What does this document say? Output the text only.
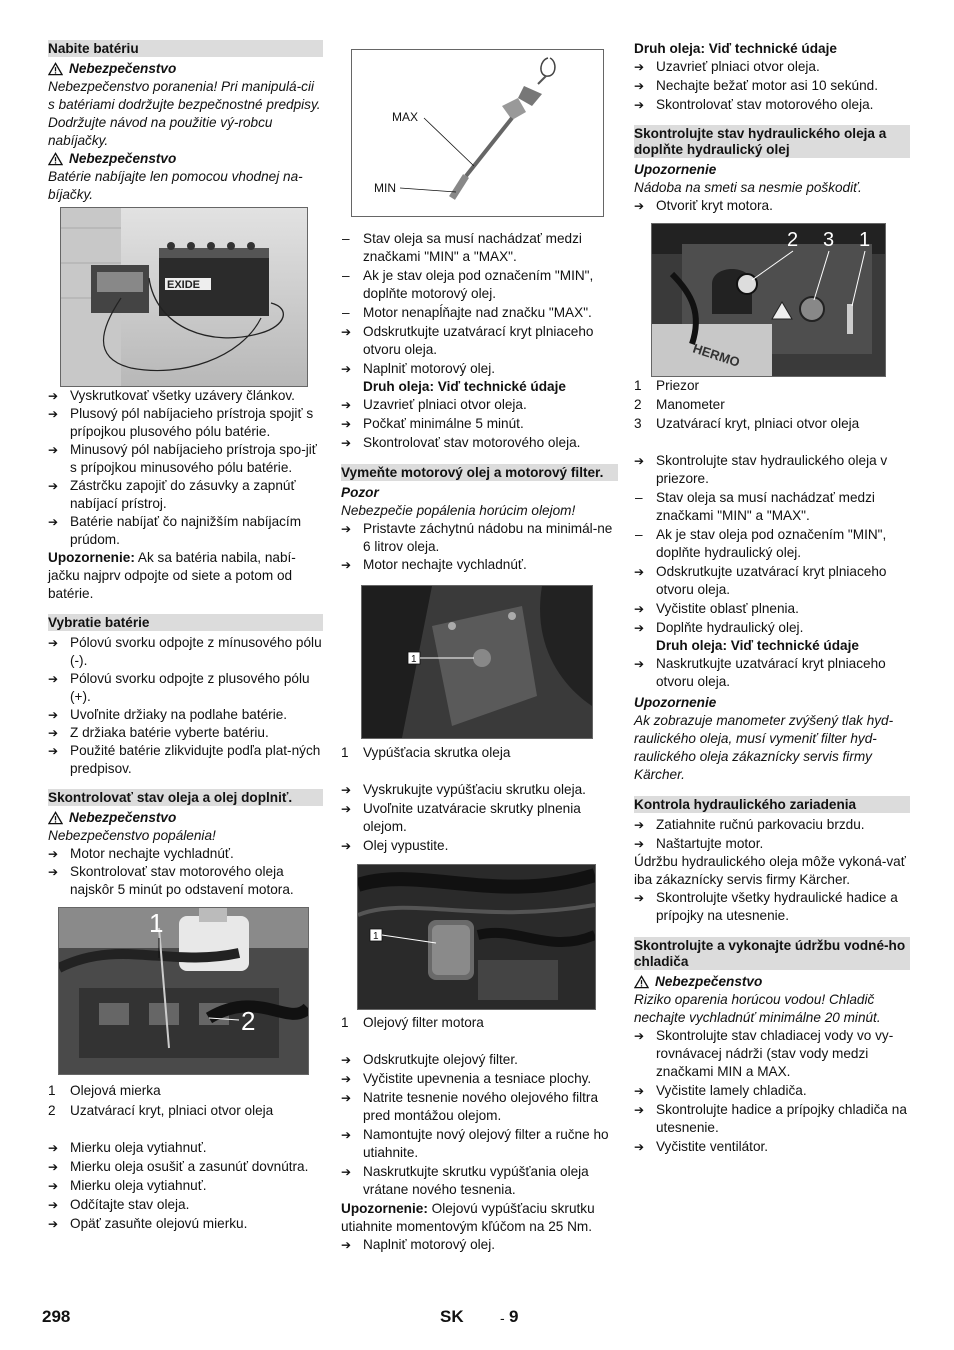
Nabite batériu
Nebezpečenstvo
Nebezpečenstvo poranenia! Pri manipulá-cii s batériami dodržujte bezpečnostné predpisy. Dodržujte návod na použitie vý-robcu nabíjačky.
Nebezpečenstvo
Batérie nabíjajte len pomocou vhodnej na-bíjačky.
EXIDE
➔ Vyskrutkovať všetky uzávery článkov.
➔ Plusový pól nabíjacieho prístroja spojiť s prípojkou plusového pólu batérie.
➔ Minusový pól nabíjacieho prístroja spo-jiť s prípojkou minusového pólu batérie.
➔ Zástrčku zapojiť do zásuvky a zapnúť nabíjací prístroj.
➔ Batérie nabíjať čo najnižším nabíjacím prúdom.

Upozornenie: Ak sa batéria nabila, nabí-jačku najprv odpojte od siete a potom od batérie.

Vybratie batérie
➔ Pólovú svorku odpojte z mínusového pólu (-).
➔ Pólovú svorku odpojte z plusového pólu (+).
➔ Uvoľnite držiaky na podlahe batérie.
➔ Z držiaka batérie vyberte batériu.
➔ Použité batérie zlikvidujte podľa plat-ných predpisov.
Skontrolovať stav oleja a olej doplniť.
Nebezpečenstvo
Nebezpečenstvo popálenia!
➔ Motor nechajte vychladnúť.
➔ Skontrolovať stav motorového oleja najskôr 5 minút po odstavení motora.
1
2
1 Olejová mierka
2 Uzatvárací kryt, plniaci otvor oleja
➔ Mierku oleja vytiahnuť.
➔ Mierku oleja osušiť a zasunúť dovnútra.
➔ Mierku oleja vytiahnuť.
➔ Odčítajte stav oleja.
➔ Opäť zasuňte olejovú mierku.
MAX
MIN
– Stav oleja sa musí nachádzať medzi značkami "MIN" a "MAX".
– Ak je stav oleja pod označením "MIN", doplňte motorový olej.
– Motor nenapĺňajte nad značku "MAX".
➔ Odskrutkujte uzatvárací kryt plniaceho otvoru oleja.
➔ Naplniť motorový olej.
Druh oleja: Viď technické údaje
➔ Uzavrieť plniaci otvor oleja.
➔ Počkať minimálne 5 minút.
➔ Skontrolovať stav motorového oleja.
Vymeňte motorový olej a motorový filter.
Pozor
Nebezpečie popálenia horúcim olejom!
➔ Pristavte záchytnú nádobu na minimál-ne 6 litrov oleja.
➔ Motor nechajte vychladnúť.
1
1 Vypúšťacia skrutka oleja
➔ Vyskrukujte vypúšťaciu skrutku oleja.
➔ Uvoľnite uzatváracie skrutky plnenia olejom.
➔ Olej vypustite.
1
1 Olejový filter motora
➔ Odskrutkujte olejový filter.
➔ Vyčistite upevnenia a tesniace plochy.
➔ Natrite tesnenie nového olejového filtra pred montážou olejom.
➔ Namontujte nový olejový filter a ručne ho utiahnite.
➔ Naskrutkujte skrutku vypúšťania oleja vrátane nového tesnenia.

Upozornenie: Olejovú vypúšťaciu skrutku utiahnite momentovým kľúčom na 25 Nm.

➔ Naplniť motorový olej.
Druh oleja: Viď technické údaje
➔ Uzavrieť plniaci otvor oleja.
➔ Nechajte bežať motor asi 10 sekúnd.
➔ Skontrolovať stav motorového oleja.
Skontrolujte stav hydraulického oleja a doplňte hydraulický olej
Upozornenie
Nádoba na smeti sa nesmie poškodiť.
➔ Otvoriť kryt motora.
HERMO
2 3 1
1 Priezor
2 Manometer
3 Uzatvárací kryt, plniaci otvor oleja
➔ Skontrolujte stav hydraulického oleja v priezore.
– Stav oleja sa musí nachádzať medzi značkami "MIN" a "MAX".
– Ak je stav oleja pod označením "MIN", doplňte hydraulický olej.
➔ Odskrutkujte uzatvárací kryt plniaceho otvoru oleja.
➔ Vyčistite oblasť plnenia.
➔ Doplňte hydraulický olej.
Druh oleja: Viď technické údaje
➔ Naskrutkujte uzatvárací kryt plniaceho otvoru oleja.
Upozornenie
Ak zobrazuje manometer zvýšený tlak hyd-raulického oleja, musí vymeniť filter hyd-raulického oleja zákaznícky servis firmy Kärcher.
Kontrola hydraulického zariadenia
➔ Zatiahnite ručnú parkovaciu brzdu.
➔ Naštartujte motor.

Údržbu hydraulického oleja môže vykoná-vať iba zákaznícky servis firmy Kärcher.

➔ Skontrolujte všetky hydraulické hadice a prípojky na utesnenie.
Skontrolujte a vykonajte údržbu vodné-ho chladiča
Nebezpečenstvo
Riziko oparenia horúcou vodou! Chladič nechajte vychladnúť minimálne 20 minút.
➔ Skontrolujte stav chladiacej vody vo vy-rovnávacej nádrži (stav vody medzi značkami MIN a MAX.
➔ Vyčistite lamely chladiča.
➔ Skontrolujte hadice a prípojky chladiča na utesnenie.
➔ Vyčistite ventilátor.
298	SK	- 9
